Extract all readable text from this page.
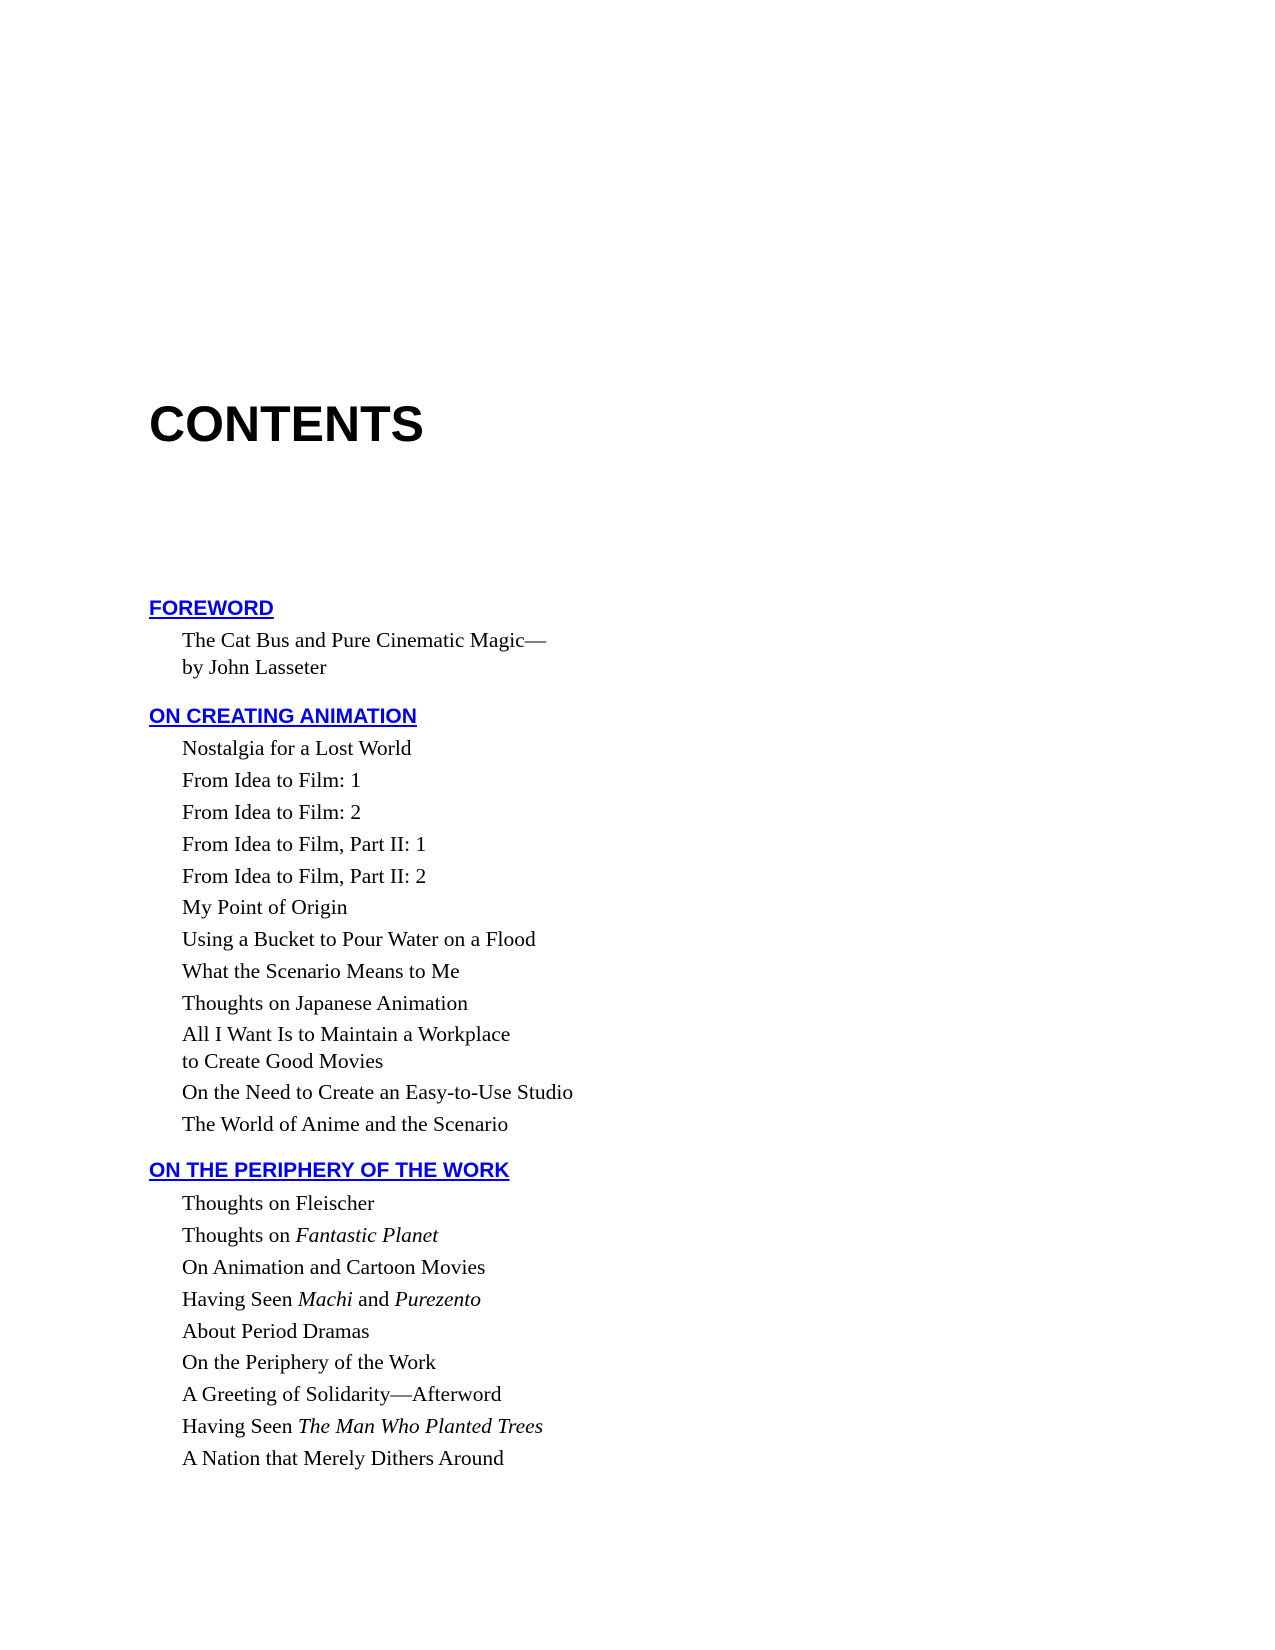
CONTENTS
FOREWORD
The Cat Bus and Pure Cinematic Magic—
by John Lasseter
ON CREATING ANIMATION
Nostalgia for a Lost World
From Idea to Film: 1
From Idea to Film: 2
From Idea to Film, Part II: 1
From Idea to Film, Part II: 2
My Point of Origin
Using a Bucket to Pour Water on a Flood
What the Scenario Means to Me
Thoughts on Japanese Animation
All I Want Is to Maintain a Workplace
to Create Good Movies
On the Need to Create an Easy-to-Use Studio
The World of Anime and the Scenario
ON THE PERIPHERY OF THE WORK
Thoughts on Fleischer
Thoughts on Fantastic Planet
On Animation and Cartoon Movies
Having Seen Machi and Purezento
About Period Dramas
On the Periphery of the Work
A Greeting of Solidarity—Afterword
Having Seen The Man Who Planted Trees
A Nation that Merely Dithers Around
